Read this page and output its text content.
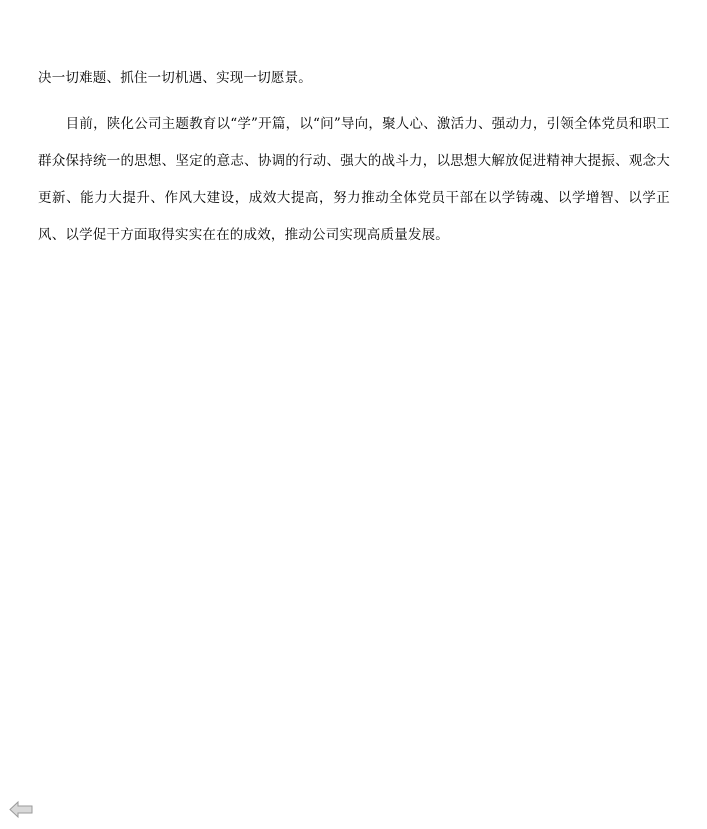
决一切难题、抓住一切机遇、实现一切愿景。

目前，陕化公司主题教育以“学”开篇，以“问”导向，聚人心、激活力、强动力，引领全体党员和职工群众保持统一的思想、坚定的意志、协调的行动、强大的战斗力，以思想大解放促进精神大提振、观念大更新、能力大提升、作风大建设，成效大提高，努力推动全体党员干部在以学铸魂、以学增智、以学正风、以学促干方面取得实实在在的成效，推动公司实现高质量发展。
